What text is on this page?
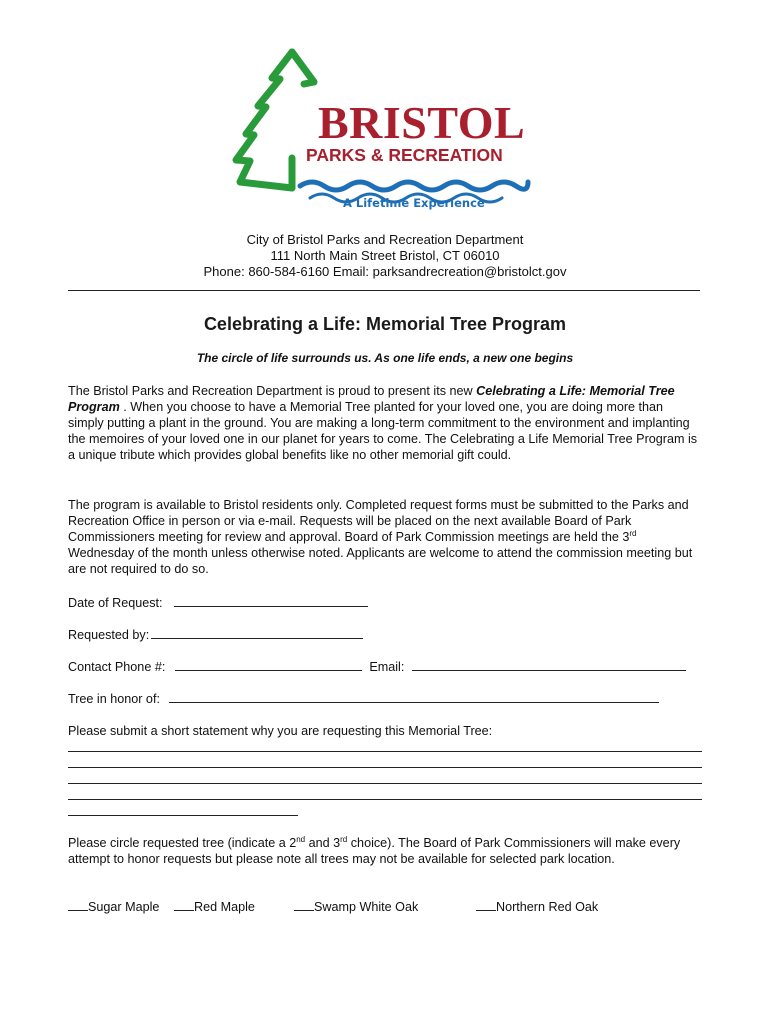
BRISTOL
PARKS & RECREATION
A Lifetime Experience
City of Bristol Parks and Recreation Department
111 North Main Street Bristol, CT 06010
Phone: 860-584-6160 Email: parksandrecreation@bristolct.gov
Celebrating a Life: Memorial Tree Program
The circle of life surrounds us. As one life ends, a new one begins

The Bristol Parks and Recreation Department is proud to present its new Celebrating a Life: Memorial Tree Program . When you choose to have a Memorial Tree planted for your loved one, you are doing more than simply putting a plant in the ground. You are making a long-term commitment to the environment and implanting the memoires of your loved one in our planet for years to come. The Celebrating a Life Memorial Tree Program is a unique tribute which provides global benefits like no other memorial gift could.

The program is available to Bristol residents only. Completed request forms must be submitted to the Parks and Recreation Office in person or via e-mail. Requests will be placed on the next available Board of Park Commissioners meeting for review and approval. Board of Park Commission meetings are held the 3rd Wednesday of the month unless otherwise noted. Applicants are welcome to attend the commission meeting but are not required to do so.

Date of Request:
Requested by:
Contact Phone #:	Email:
Tree in honor of:
Please submit a short statement why you are requesting this Memorial Tree:

Please circle requested tree (indicate a 2nd and 3rd choice). The Board of Park Commissioners will make every attempt to honor requests but please note all trees may not be available for selected park location.

Sugar Maple	Red Maple	Swamp White Oak	Northern Red Oak
